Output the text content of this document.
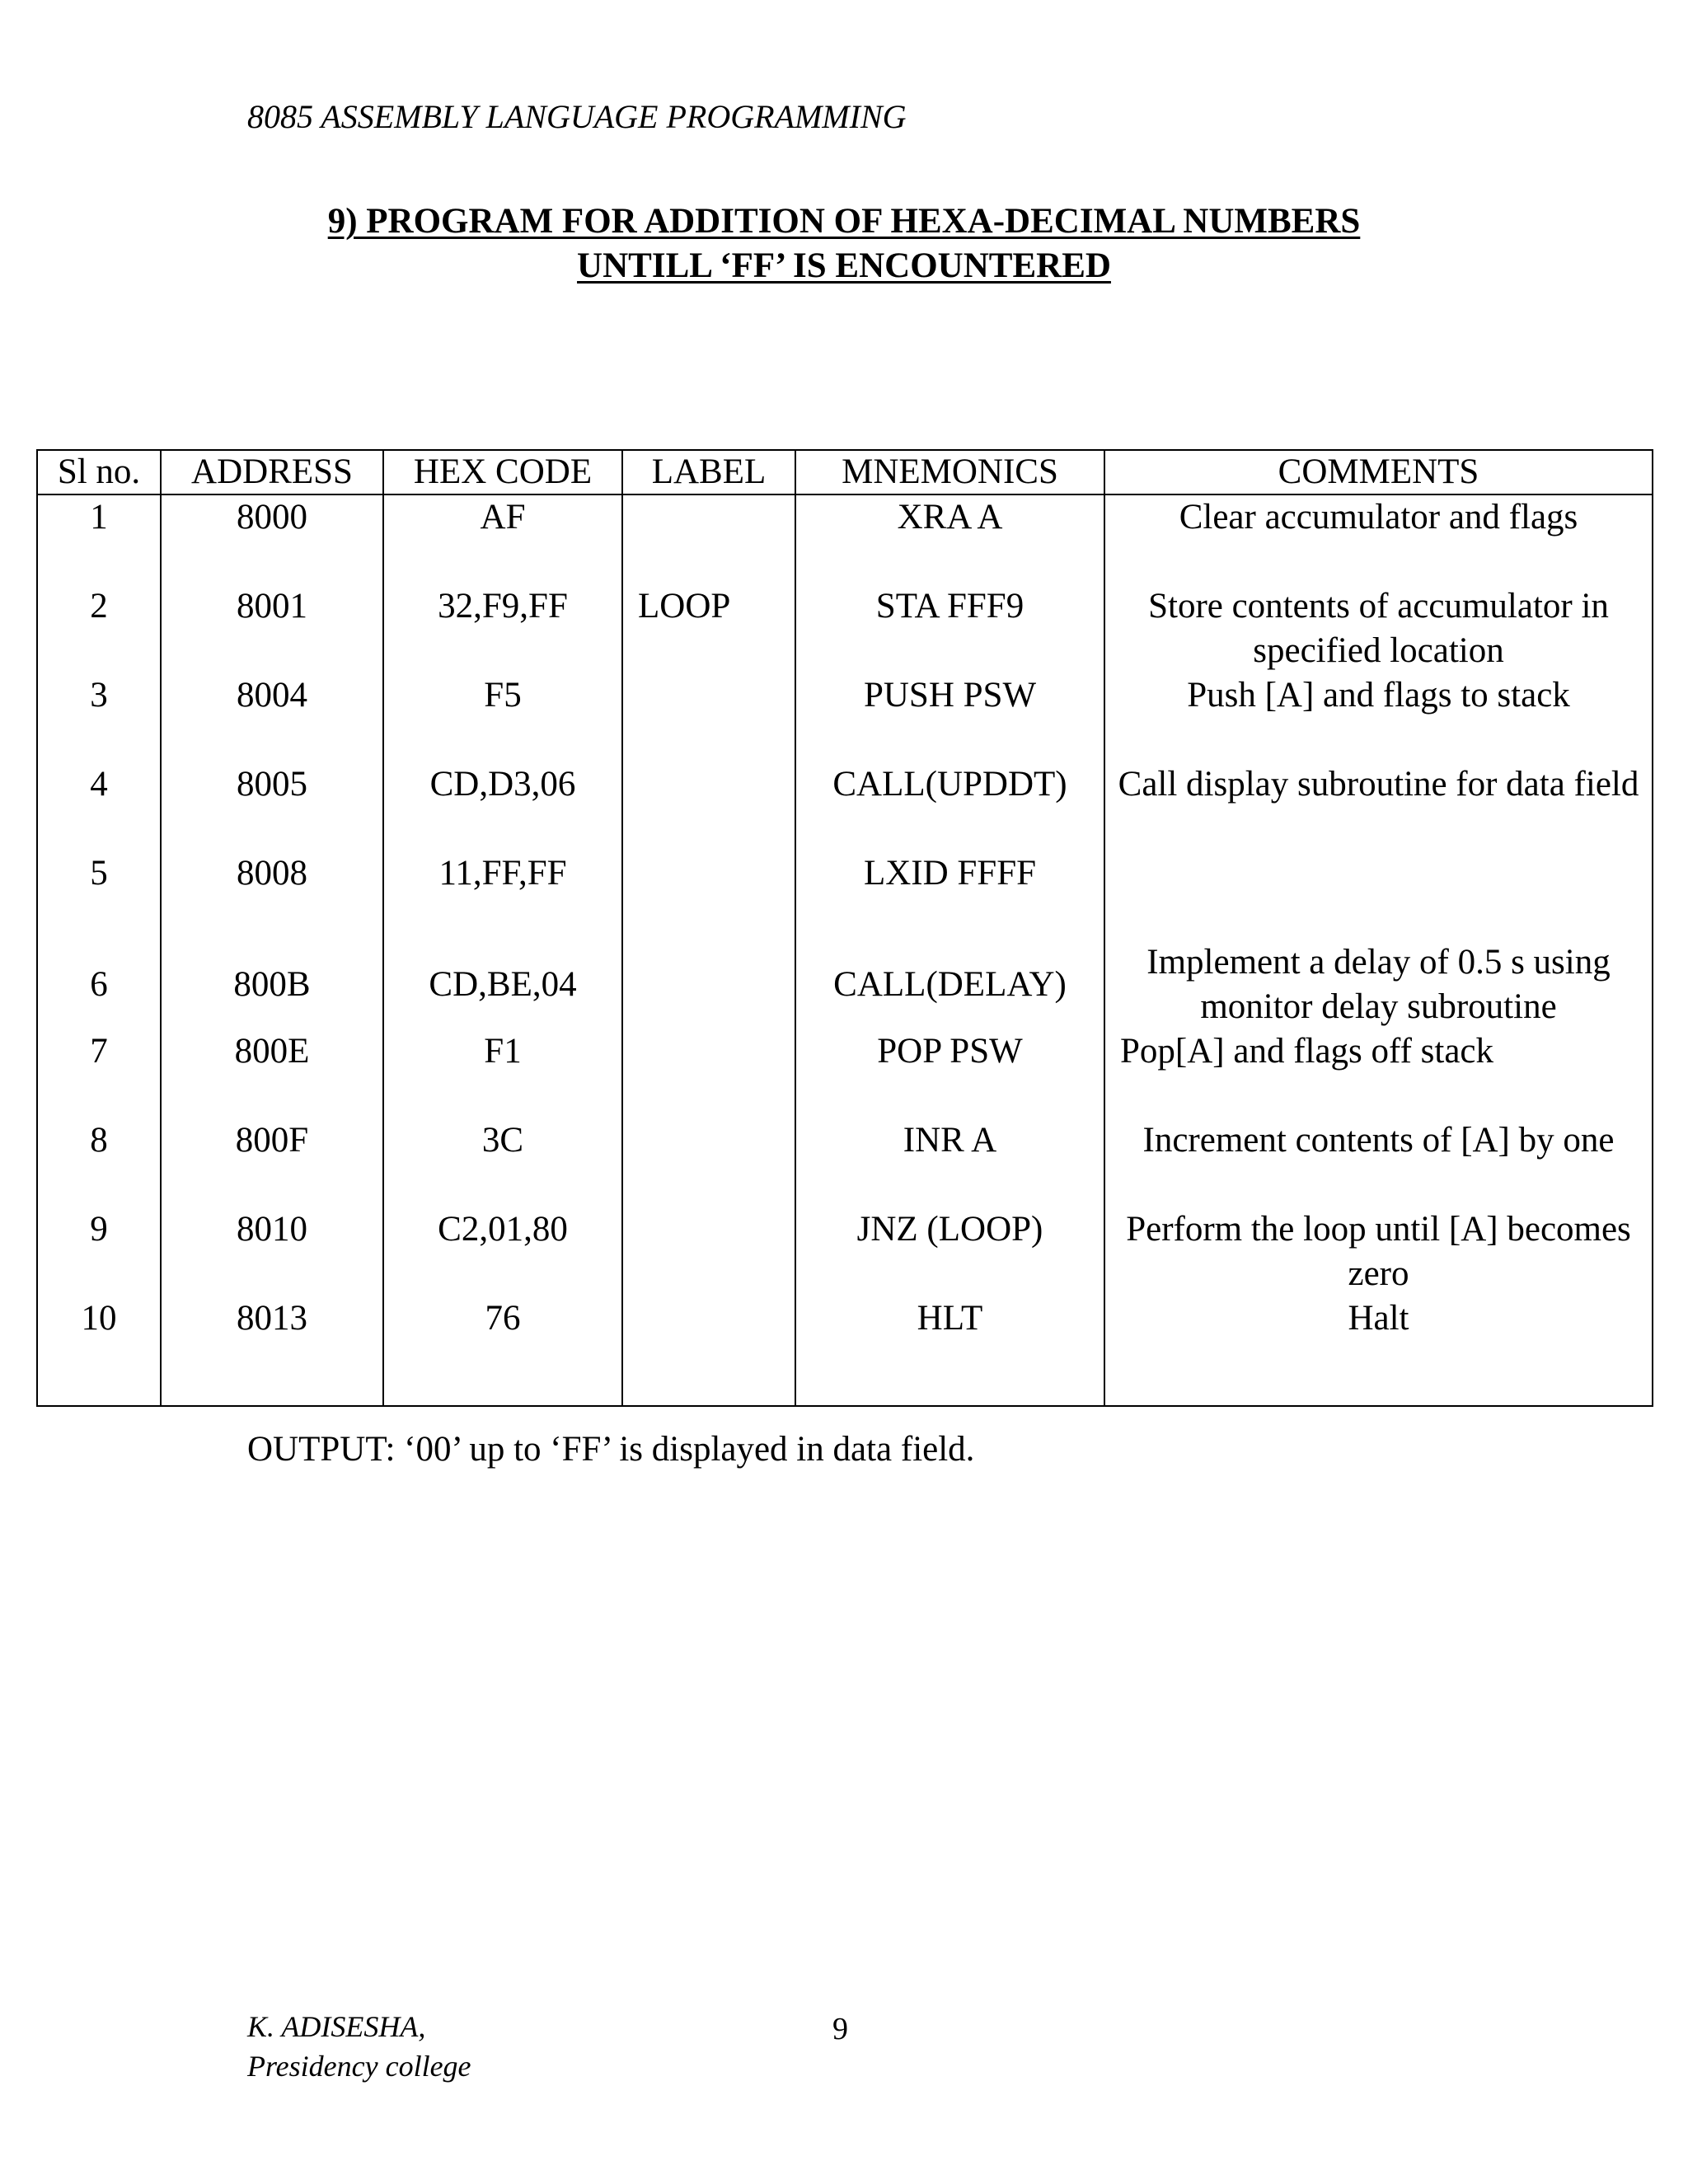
8085 ASSEMBLY LANGUAGE PROGRAMMING
9) PROGRAM FOR ADDITION OF HEXA-DECIMAL NUMBERS
UNTILL ‘FF’ IS ENCOUNTERED
Sl no.	ADDRESS	HEX CODE	LABEL	MNEMONICS	COMMENTS
1	8000	AF		XRA A	Clear accumulator and flags
2	8001	32,F9,FF	LOOP	STA FFF9	Store contents of accumulator in specified location
3	8004	F5		PUSH PSW	Push [A] and flags to stack
4	8005	CD,D3,06		CALL(UPDDT)	Call display subroutine for data field
5	8008	11,FF,FF		LXID FFFF	
6	800B	CD,BE,04		CALL(DELAY)	Implement a delay of 0.5 s using monitor delay subroutine
7	800E	F1		POP PSW	Pop[A] and flags off stack
8	800F	3C		INR A	Increment contents of [A] by one
9	8010	C2,01,80		JNZ (LOOP)	Perform the loop until [A] becomes zero
10	8013	76		HLT	Halt
OUTPUT: ‘00’ up to ‘FF’ is displayed in data field.
K. ADISESHA,
Presidency college
9
